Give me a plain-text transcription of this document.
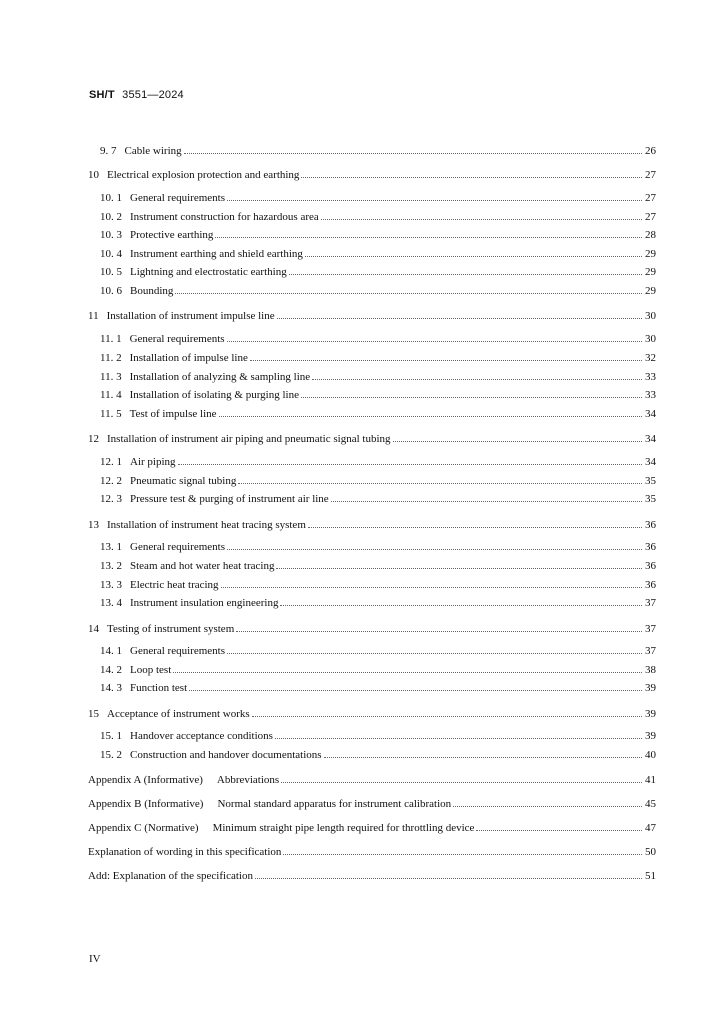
SH/T 3551—2024
9. 7 Cable wiring	26
10 Electrical explosion protection and earthing	27
10. 1 General requirements	27
10. 2 Instrument construction for hazardous area	27
10. 3 Protective earthing	28
10. 4 Instrument earthing and shield earthing	29
10. 5 Lightning and electrostatic earthing	29
10. 6 Bounding	29
11 Installation of instrument impulse line	30
11. 1 General requirements	30
11. 2 Installation of impulse line	32
11. 3 Installation of analyzing & sampling line	33
11. 4 Installation of isolating & purging line	33
11. 5 Test of impulse line	34
12 Installation of instrument air piping and pneumatic signal tubing	34
12. 1 Air piping	34
12. 2 Pneumatic signal tubing	35
12. 3 Pressure test & purging of instrument air line	35
13 Installation of instrument heat tracing system	36
13. 1 General requirements	36
13. 2 Steam and hot water heat tracing	36
13. 3 Electric heat tracing	36
13. 4 Instrument insulation engineering	37
14 Testing of instrument system	37
14. 1 General requirements	37
14. 2 Loop test	38
14. 3 Function test	39
15 Acceptance of instrument works	39
15. 1 Handover acceptance conditions	39
15. 2 Construction and handover documentations	40
Appendix A (Informative) Abbreviations	41
Appendix B (Informative) Normal standard apparatus for instrument calibration	45
Appendix C (Normative) Minimum straight pipe length required for throttling device	47
Explanation of wording in this specification	50
Add: Explanation of the specification	51
IV
